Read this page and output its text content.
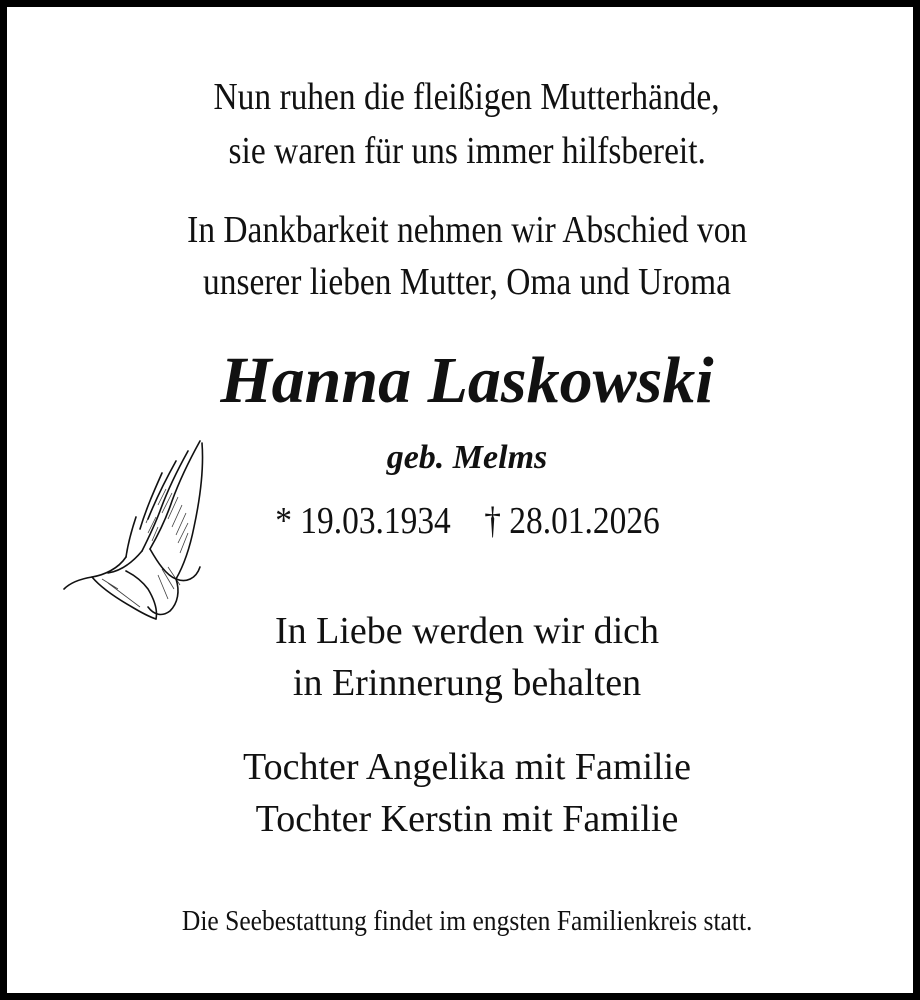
Nun ruhen die fleißigen Mutterhände,
sie waren für uns immer hilfsbereit.
In Dankbarkeit nehmen wir Abschied von
unserer lieben Mutter, Oma und Uroma
Hanna Laskowski
geb. Melms
* 19.03.1934 † 28.01.2026
In Liebe werden wir dich
in Erinnerung behalten
Tochter Angelika mit Familie
Tochter Kerstin mit Familie
Die Seebestattung findet im engsten Familienkreis statt.
